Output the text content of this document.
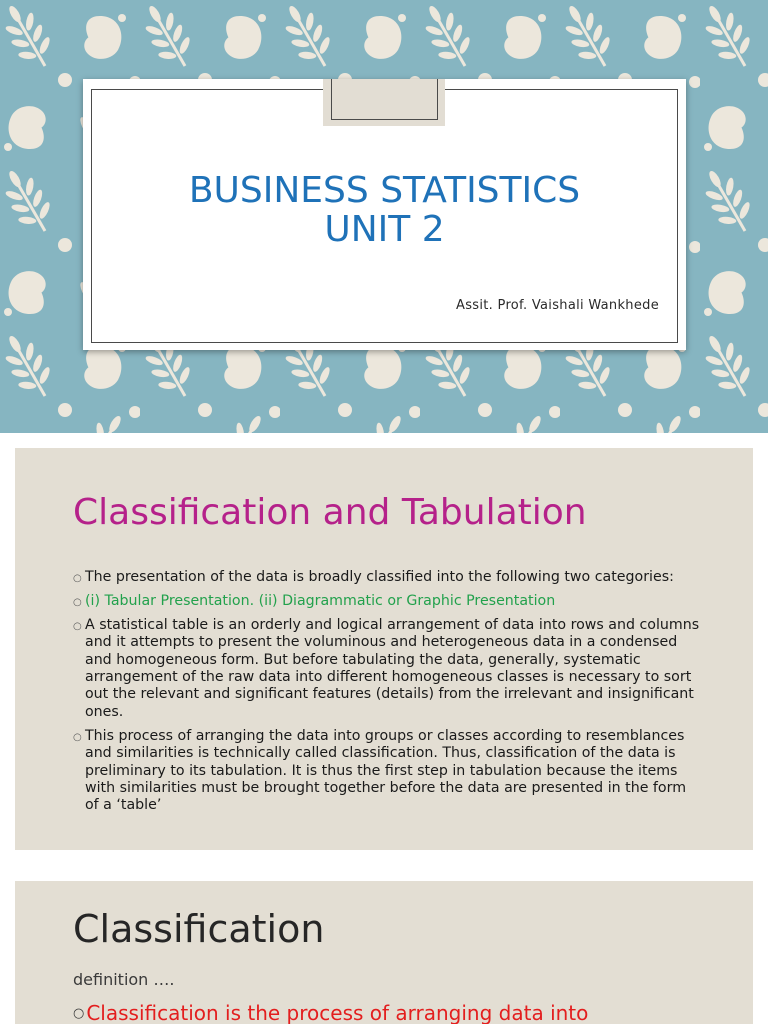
BUSINESS STATISTICS
UNIT 2
Assit. Prof. Vaishali Wankhede
Classification and Tabulation
○ The presentation of the data is broadly classified into the following two categories:
○ (i) Tabular Presentation. (ii) Diagrammatic or Graphic Presentation
○ A statistical table is an orderly and logical arrangement of data into rows and columns and it attempts to present the voluminous and heterogeneous data in a condensed and homogeneous form. But before tabulating the data, generally, systematic arrangement of the raw data into different homogeneous classes is necessary to sort out the relevant and significant features (details) from the irrelevant and insignificant ones.
○ This process of arranging the data into groups or classes according to resemblances and similarities is technically called classification. Thus, classification of the data is preliminary to its tabulation. It is thus the first step in tabulation because the items with similarities must be brought together before the data are presented in the form of a ‘table’
Classification
definition ….
○ Classification is the process of arranging data into
